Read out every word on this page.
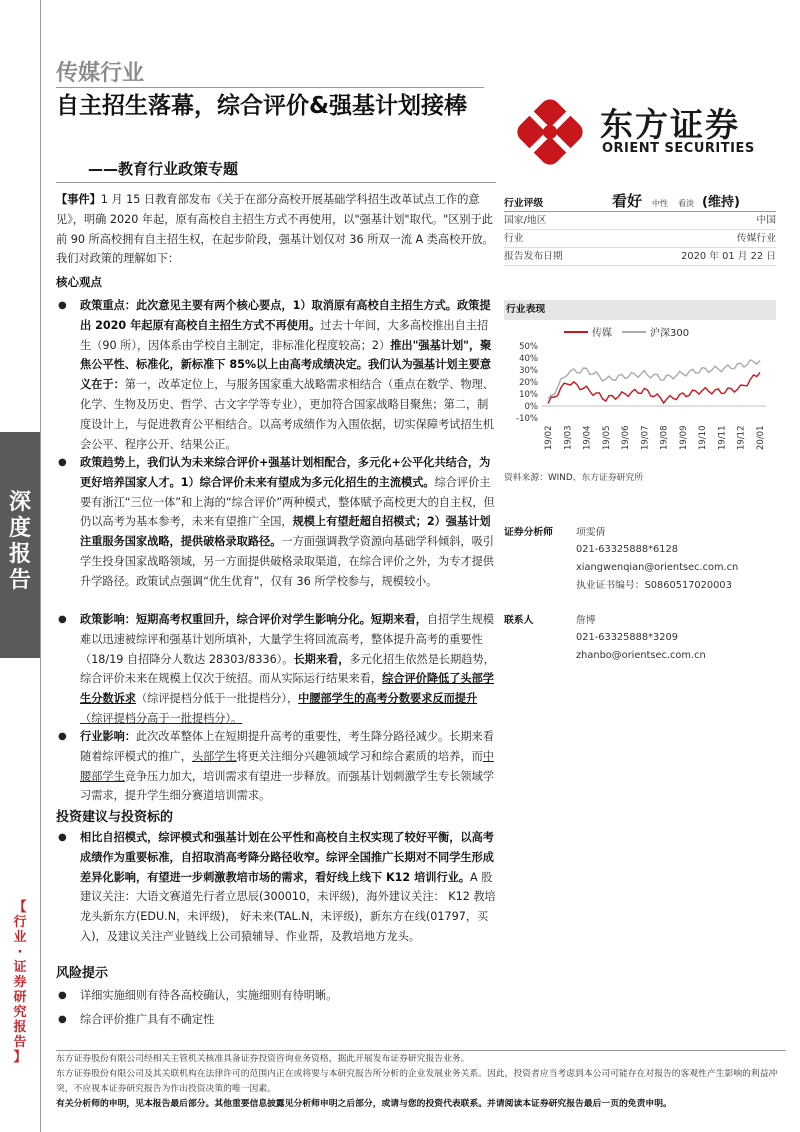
深
度
报
告
【
行
业
·
证
券
研
究
报
告
】
传媒行业
自主招生落幕，综合评价&强基计划接棒
——教育行业政策专题
东方证券
ORIENT SECURITIES
行业评级	看好 中性 看淡 (维持)
国家/地区	中国
行业	传媒行业
报告发布日期	2020 年 01 月 22 日
行业表现
传媒	沪深300
50%
40%
30%
20%
10%
0%
-10%
19/02 19/03 19/04 19/05 19/06 19/07 19/08 19/09 19/10 19/11 19/12 20/01
资料来源：WIND、东方证券研究所
证券分析师	项雯倩
021-63325888*6128
xiangwenqian@orientsec.com.cn
执业证书编号：S0860517020003
联系人	詹博
021-63325888*3209
zhanbo@orientsec.com.cn
【事件】1 月 15 日教育部发布《关于在部分高校开展基础学科招生改革试点工作的意见》，明确 2020 年起，原有高校自主招生方式不再使用，以"强基计划"取代。"区别于此前 90 所高校拥有自主招生权，在起步阶段，强基计划仅对 36 所双一流 A 类高校开放。我们对政策的理解如下：
核心观点
● 政策重点：此次意见主要有两个核心要点，1）取消原有高校自主招生方式。政策提出 2020 年起原有高校自主招生方式不再使用。过去十年间，大多高校推出自主招生（90 所），因体系由学校自主制定，非标准化程度较高；2）推出"强基计划"，聚焦公平性、标准化，新标准下 85%以上由高考成绩决定。我们认为强基计划主要意义在于：第一，改革定位上，与服务国家重大战略需求相结合（重点在数学、物理、化学、生物及历史、哲学、古文字学等专业），更加符合国家战略目聚焦；第二，制度设计上，与促进教育公平相结合。以高考成绩作为入围依据，切实保障考试招生机会公平、程序公开、结果公正。
● 政策趋势上，我们认为未来综合评价+强基计划相配合，多元化+公平化共结合，为更好培养国家人才。1）综合评价未来有望成为多元化招生的主流模式。综合评价主要有浙江“三位一体”和上海的“综合评价”两种模式，整体赋予高校更大的自主权，但仍以高考为基本参考，未来有望推广全国，规模上有望赶超自招模式；2）强基计划注重服务国家战略，提供破格录取路径。一方面强调教学资源向基础学科倾斜，吸引学生投身国家战略领域，另一方面提供破格录取渠道，在综合评价之外，为专才提供升学路径。政策试点强调“优生优育”，仅有 36 所学校参与，规模较小。
● 政策影响：短期高考权重回升，综合评价对学生影响分化。短期来看，自招学生规模难以迅速被综评和强基计划所填补，大量学生将回流高考，整体提升高考的重要性（18/19 自招降分人数达 28303/8336）。长期来看，多元化招生依然是长期趋势，综合评价未来在规模上仅次于统招。而从实际运行结果来看，综合评价降低了头部学生分数诉求（综评提档分低于一批提档分），中腰部学生的高考分数要求反而提升（综评提档分高于一批提档分）。
● 行业影响：此次改革整体上在短期提升高考的重要性，考生降分路径减少。长期来看随着综评模式的推广，头部学生将更关注细分兴趣领域学习和综合素质的培养，而中腰部学生竞争压力加大，培训需求有望进一步释放。而强基计划刺激学生专长领域学习需求，提升学生细分赛道培训需求。
投资建议与投资标的
● 相比自招模式，综评模式和强基计划在公平性和高校自主权实现了较好平衡，以高考成绩作为重要标准，自招取消高考降分路径收窄。综评全国推广长期对不同学生形成差异化影响，有望进一步刺激教培市场的需求，看好线上线下 K12 培训行业。A 股建议关注：大语文赛道先行者立思辰(300010，未评级)，海外建议关注： K12 教培龙头新东方(EDU.N，未评级)， 好未来(TAL.N，未评级)，新东方在线(01797，买入)，及建议关注产业链线上公司猿辅导、作业帮，及教培地方龙头。
风险提示
● 详细实施细则有待各高校确认，实施细则有待明晰。
● 综合评价推广具有不确定性
东方证券股份有限公司经相关主管机关核准具备证券投资咨询业务资格，据此开展发布证券研究报告业务。
东方证券股份有限公司及其关联机构在法律许可的范围内正在或将要与本研究报告所分析的企业发展业务关系。因此，投资者应当考虑到本公司可能存在对报告的客观性产生影响的利益冲突，不应视本证券研究报告为作出投资决策的唯一因素。
有关分析师的申明，见本报告最后部分。其他重要信息披露见分析师申明之后部分，或请与您的投资代表联系。并请阅读本证券研究报告最后一页的免责申明。
